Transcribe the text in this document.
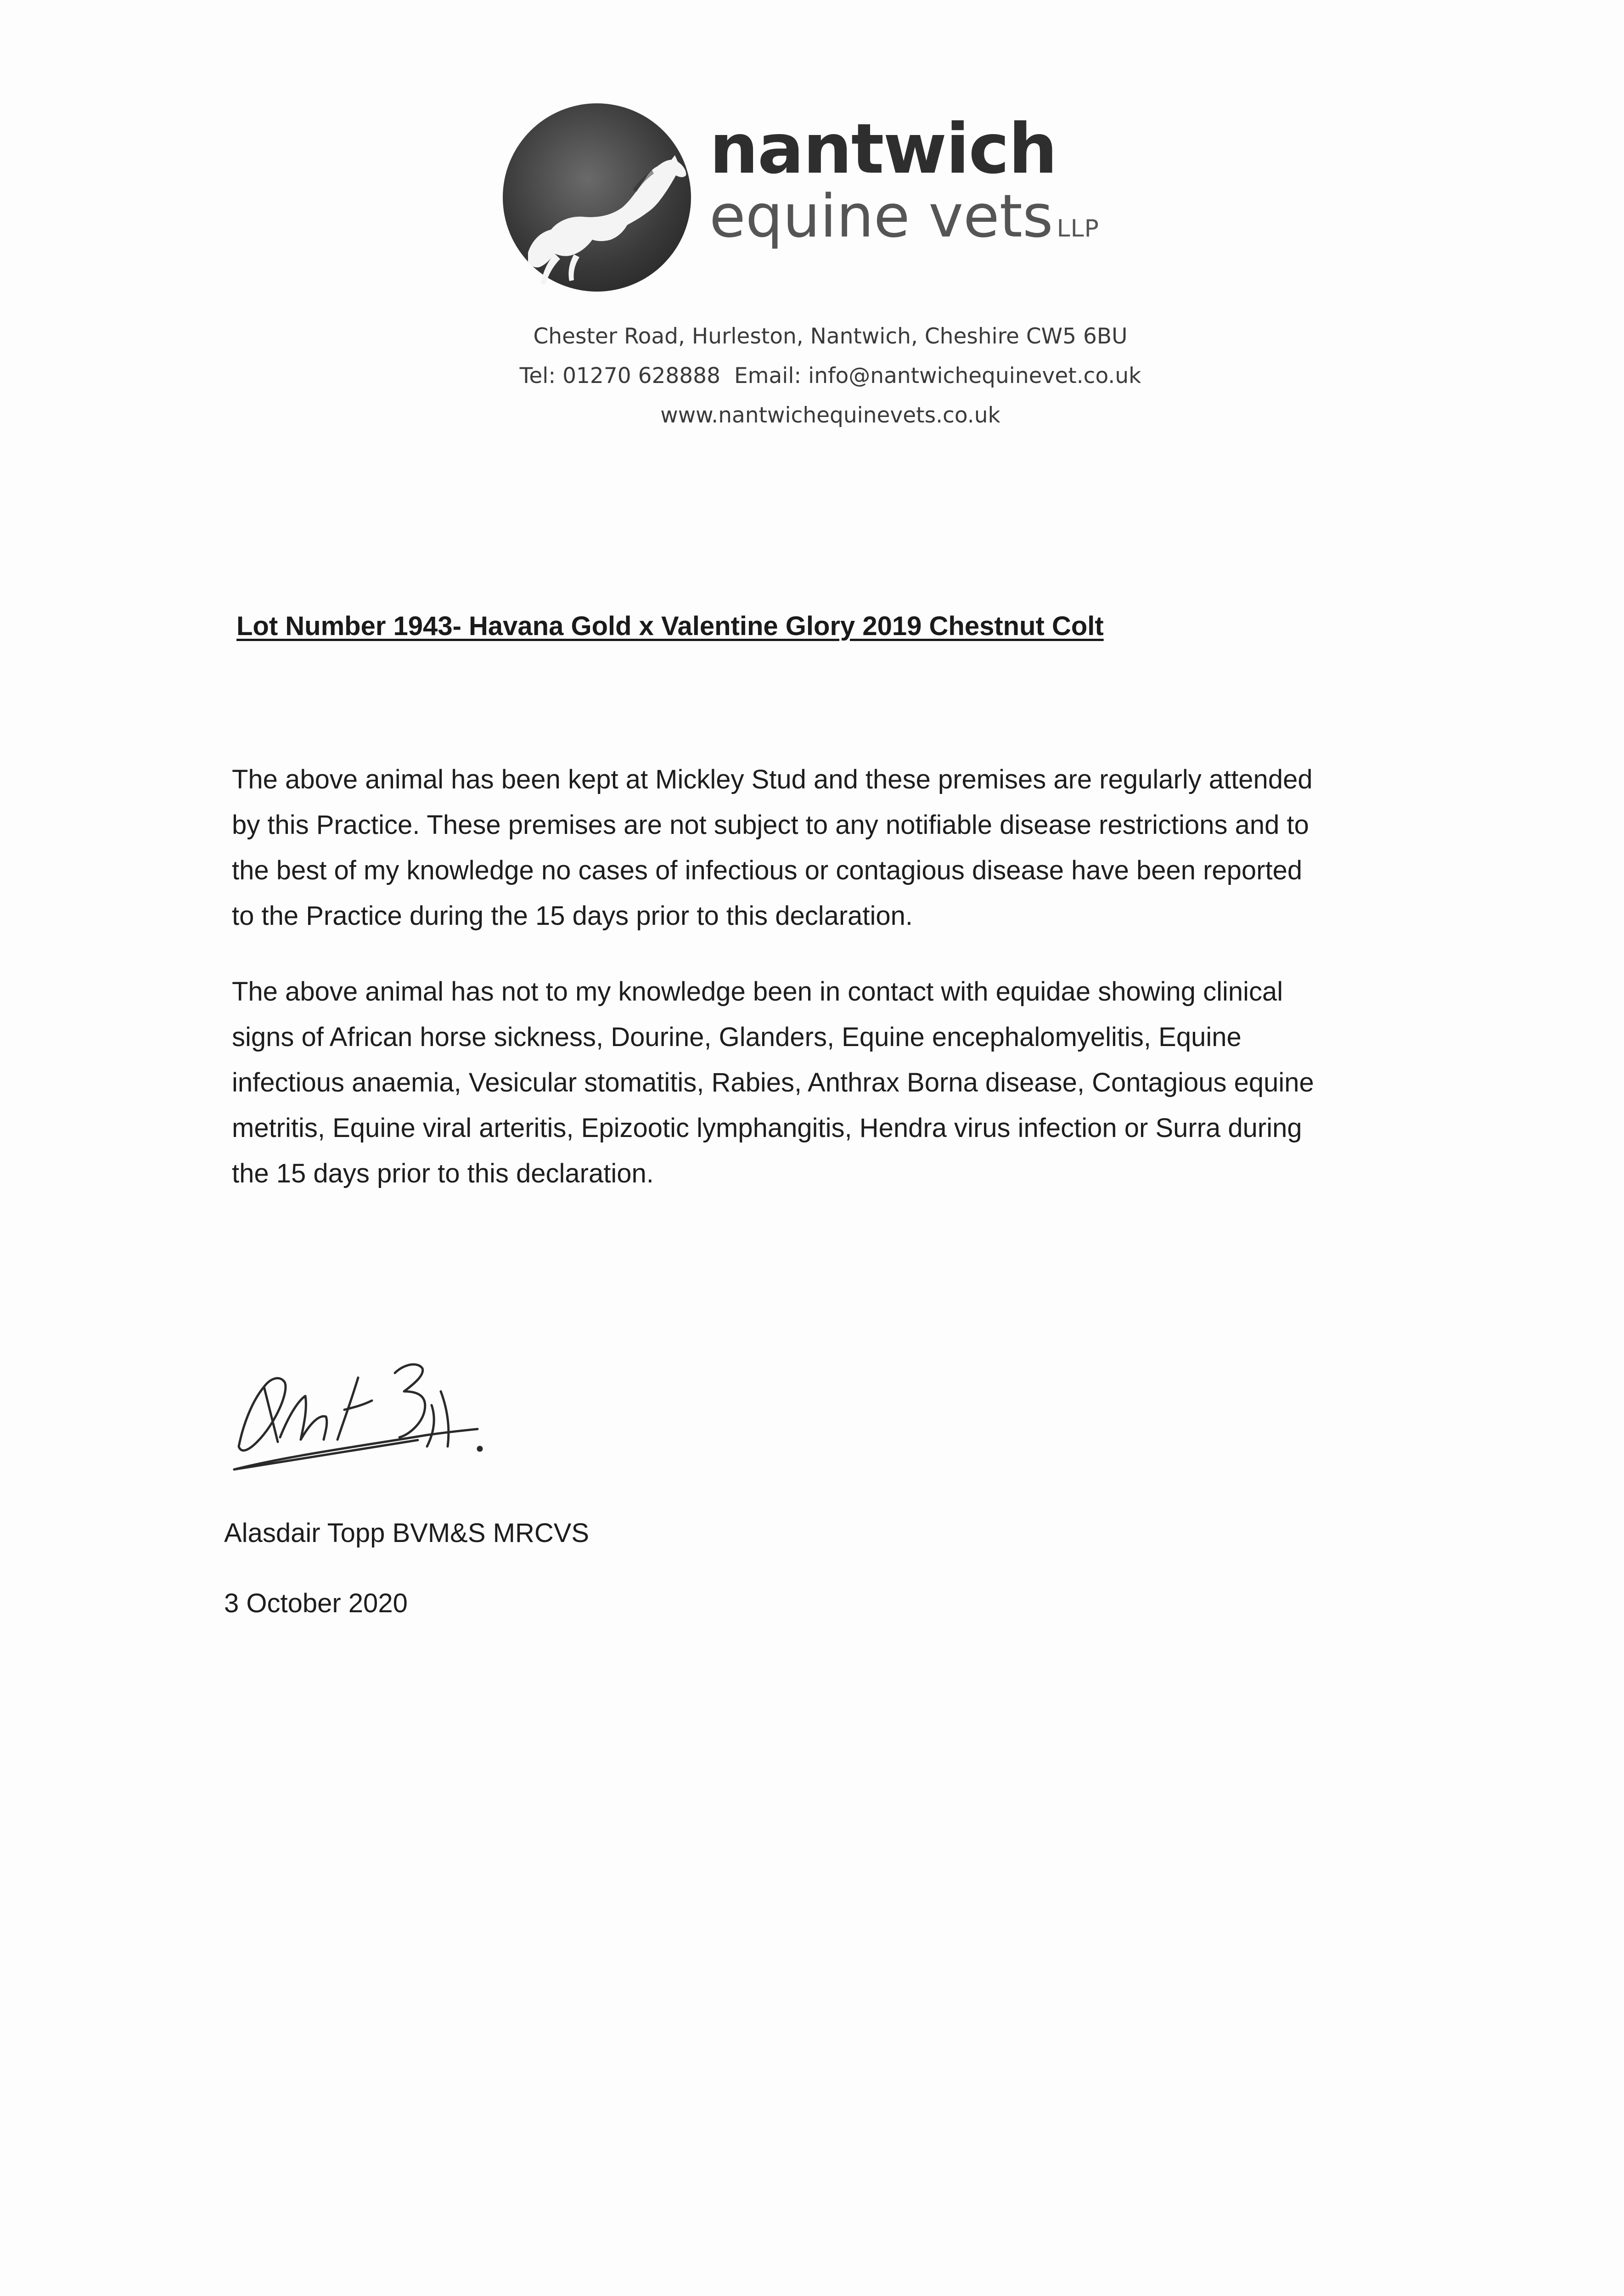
nantwich
equine vets LLP
Chester Road, Hurleston, Nantwich, Cheshire CW5 6BU
Tel: 01270 628888 Email: info@nantwichequinevet.co.uk
www.nantwichequinevets.co.uk
Lot Number 1943- Havana Gold x Valentine Glory 2019 Chestnut Colt
The above animal has been kept at Mickley Stud and these premises are regularly attended
by this Practice. These premises are not subject to any notifiable disease restrictions and to
the best of my knowledge no cases of infectious or contagious disease have been reported
to the Practice during the 15 days prior to this declaration.
The above animal has not to my knowledge been in contact with equidae showing clinical
signs of African horse sickness, Dourine, Glanders, Equine encephalomyelitis, Equine
infectious anaemia, Vesicular stomatitis, Rabies, Anthrax Borna disease, Contagious equine
metritis, Equine viral arteritis, Epizootic lymphangitis, Hendra virus infection or Surra during
the 15 days prior to this declaration.
Alasdair Topp BVM&S MRCVS
3 October 2020
